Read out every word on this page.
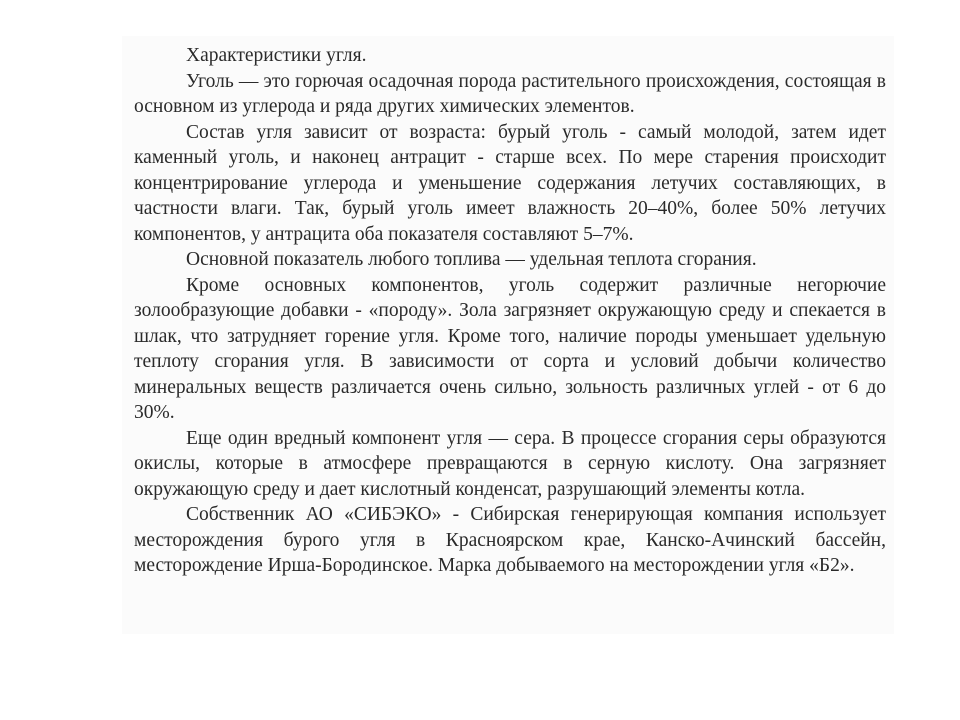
Характеристики угля.

Уголь — это горючая осадочная порода растительного происхождения, состоящая в основном из углерода и ряда других химических элементов.

Состав угля зависит от возраста: бурый уголь - самый молодой, затем идет каменный уголь, и наконец антрацит - старше всех. По мере старения происходит концентрирование углерода и уменьшение содержания летучих составляющих, в частности влаги. Так, бурый уголь имеет влажность 20–40%, более 50% летучих компонентов, у антрацита оба показателя составляют 5–7%.

Основной показатель любого топлива — удельная теплота сгорания.

Кроме основных компонентов, уголь содержит различные негорючие золообразующие добавки - «породу». Зола загрязняет окружающую среду и спекается в шлак, что затрудняет горение угля. Кроме того, наличие породы уменьшает удельную теплоту сгорания угля. В зависимости от сорта и условий добычи количество минеральных веществ различается очень сильно, зольность различных углей - от 6 до 30%.

Еще один вредный компонент угля — сера. В процессе сгорания серы образуются окислы, которые в атмосфере превращаются в серную кислоту. Она загрязняет окружающую среду и дает кислотный конденсат, разрушающий элементы котла.

Собственник АО «СИБЭКО» - Сибирская генерирующая компания использует месторождения бурого угля в Красноярском крае, Канско-Ачинский бассейн, месторождение Ирша-Бородинское. Марка добываемого на месторождении угля «Б2».
